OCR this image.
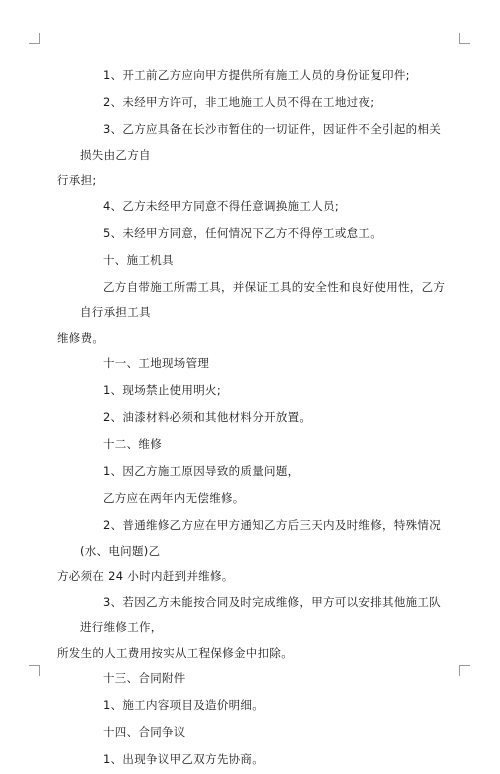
1、开工前乙方应向甲方提供所有施工人员的身份证复印件;

2、未经甲方许可，非工地施工人员不得在工地过夜;

3、乙方应具备在长沙市暂住的一切证件，因证件不全引起的相关损失由乙方自

行承担;

4、乙方未经甲方同意不得任意调换施工人员;

5、未经甲方同意，任何情况下乙方不得停工或怠工。

十、施工机具

乙方自带施工所需工具，并保证工具的安全性和良好使用性，乙方自行承担工具

维修费。

十一、工地现场管理

1、现场禁止使用明火;

2、油漆材料必须和其他材料分开放置。

十二、维修

1、因乙方施工原因导致的质量问题，

乙方应在两年内无偿维修。

2、普通维修乙方应在甲方通知乙方后三天内及时维修，特殊情况(水、电问题)乙

方必须在 24 小时内赶到并维修。

3、若因乙方未能按合同及时完成维修，甲方可以安排其他施工队进行维修工作，

所发生的人工费用按实从工程保修金中扣除。

十三、合同附件

1、施工内容项目及造价明细。

十四、合同争议

1、出现争议甲乙双方先协商。
